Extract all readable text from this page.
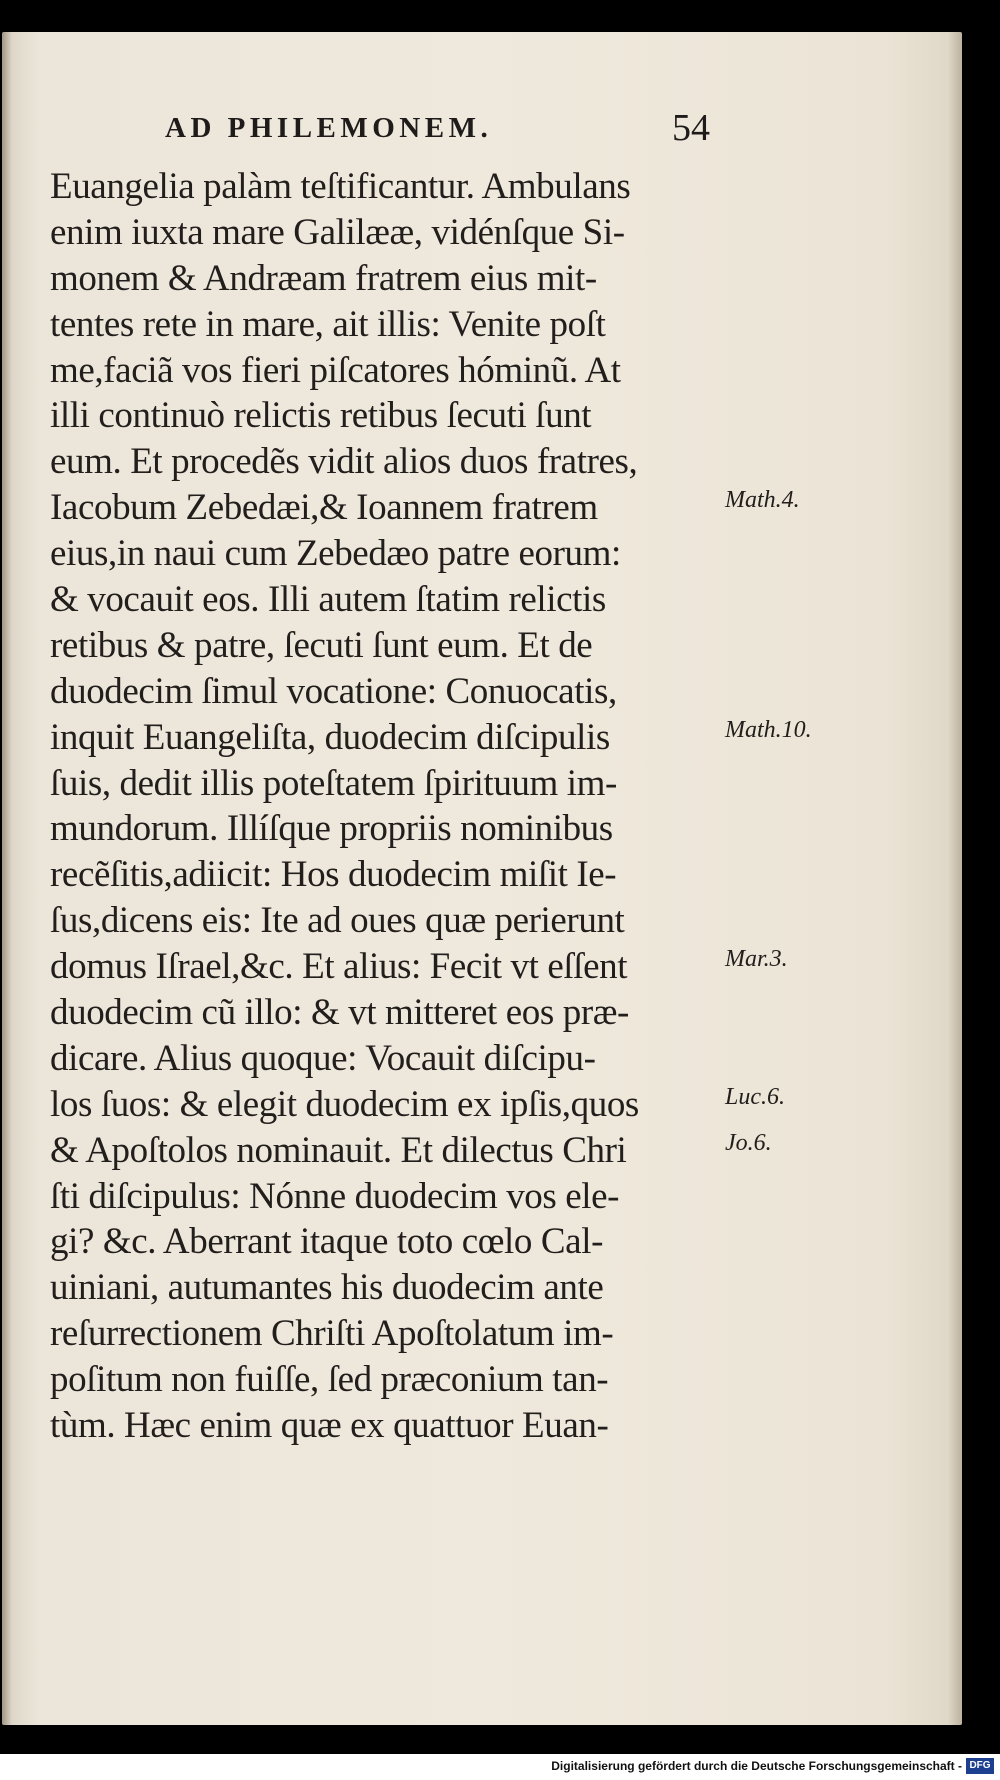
AD PHILEMONEM.	54
Euangelia palàm teſtificantur. Ambulans
enim iuxta mare Galilææ, vidénſque Si-
monem & Andræam fratrem eius mit-
tentes rete in mare, ait illis: Venite poſt
me,faciã vos fieri piſcatores hóminũ. At
illi continuò relictis retibus ſecuti ſunt
eum. Et procedẽs vidit alios duos fratres,
Iacobum Zebedæi,& Ioannem fratrem
eius,in naui cum Zebedæo patre eorum:
& vocauit eos. Illi autem ſtatim relictis
retibus & patre, ſecuti ſunt eum. Et de
duodecim ſimul vocatione: Conuocatis,
inquit Euangeliſta, duodecim diſcipulis
ſuis, dedit illis poteſtatem ſpirituum im-
mundorum. Illíſque propriis nominibus
recẽſitis,adiicit: Hos duodecim miſit Ie-
ſus,dicens eis: Ite ad oues quæ perierunt
domus Iſrael,&c. Et alius: Fecit vt eſſent
duodecim cũ illo: & vt mitteret eos præ-
dicare. Alius quoque: Vocauit diſcipu-
los ſuos: & elegit duodecim ex ipſis,quos
& Apoſtolos nominauit. Et dilectus Chri
ſti diſcipulus: Nónne duodecim vos ele-
gi? &c. Aberrant itaque toto cœlo Cal-
uiniani, autumantes his duodecim ante
reſurrectionem Chriſti Apoſtolatum im-
poſitum non fuiſſe, ſed præconium tan-
tùm. Hæc enim quæ ex quattuor Euan-
Math.4.
Math.10.
Mar.3.
Luc.6.
Jo.6.
Digitalisierung gefördert durch die Deutsche Forschungsgemeinschaft - DFG
